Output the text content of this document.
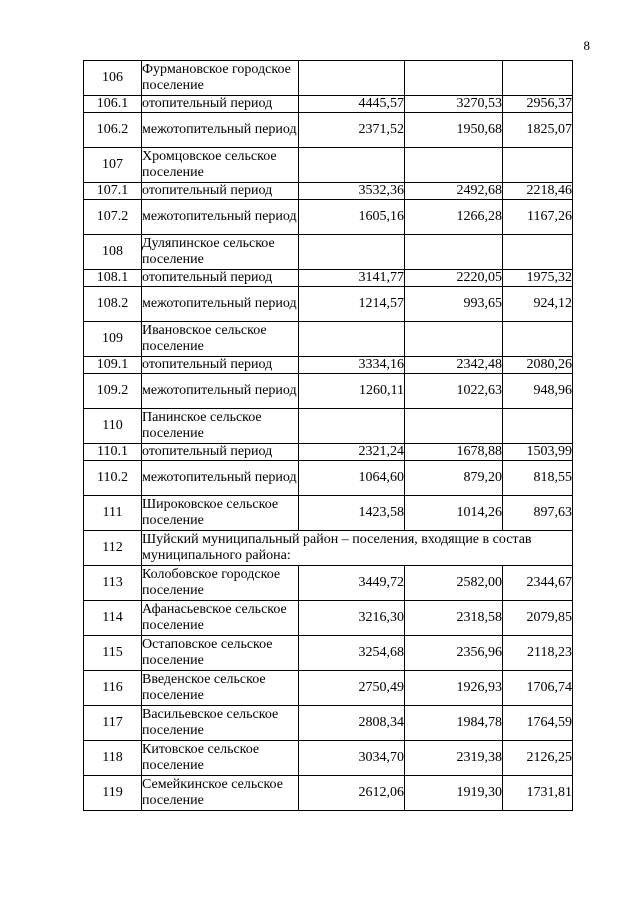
8
106	Фурмановское городское поселение			
106.1	отопительный период	4445,57	3270,53	2956,37
106.2	межотопительный период	2371,52	1950,68	1825,07
107	Хромцовское сельское поселение			
107.1	отопительный период	3532,36	2492,68	2218,46
107.2	межотопительный период	1605,16	1266,28	1167,26
108	Дуляпинское сельское поселение			
108.1	отопительный период	3141,77	2220,05	1975,32
108.2	межотопительный период	1214,57	993,65	924,12
109	Ивановское сельское поселение			
109.1	отопительный период	3334,16	2342,48	2080,26
109.2	межотопительный период	1260,11	1022,63	948,96
110	Панинское сельское поселение			
110.1	отопительный период	2321,24	1678,88	1503,99
110.2	межотопительный период	1064,60	879,20	818,55
111	Широковское сельское поселение	1423,58	1014,26	897,63
112	Шуйский муниципальный район – поселения, входящие в состав муниципального района:			
113	Колобовское городское поселение	3449,72	2582,00	2344,67
114	Афанасьевское сельское поселение	3216,30	2318,58	2079,85
115	Остаповское сельское поселение	3254,68	2356,96	2118,23
116	Введенское сельское поселение	2750,49	1926,93	1706,74
117	Васильевское сельское поселение	2808,34	1984,78	1764,59
118	Китовское сельское поселение	3034,70	2319,38	2126,25
119	Семейкинское сельское поселение	2612,06	1919,30	1731,81
